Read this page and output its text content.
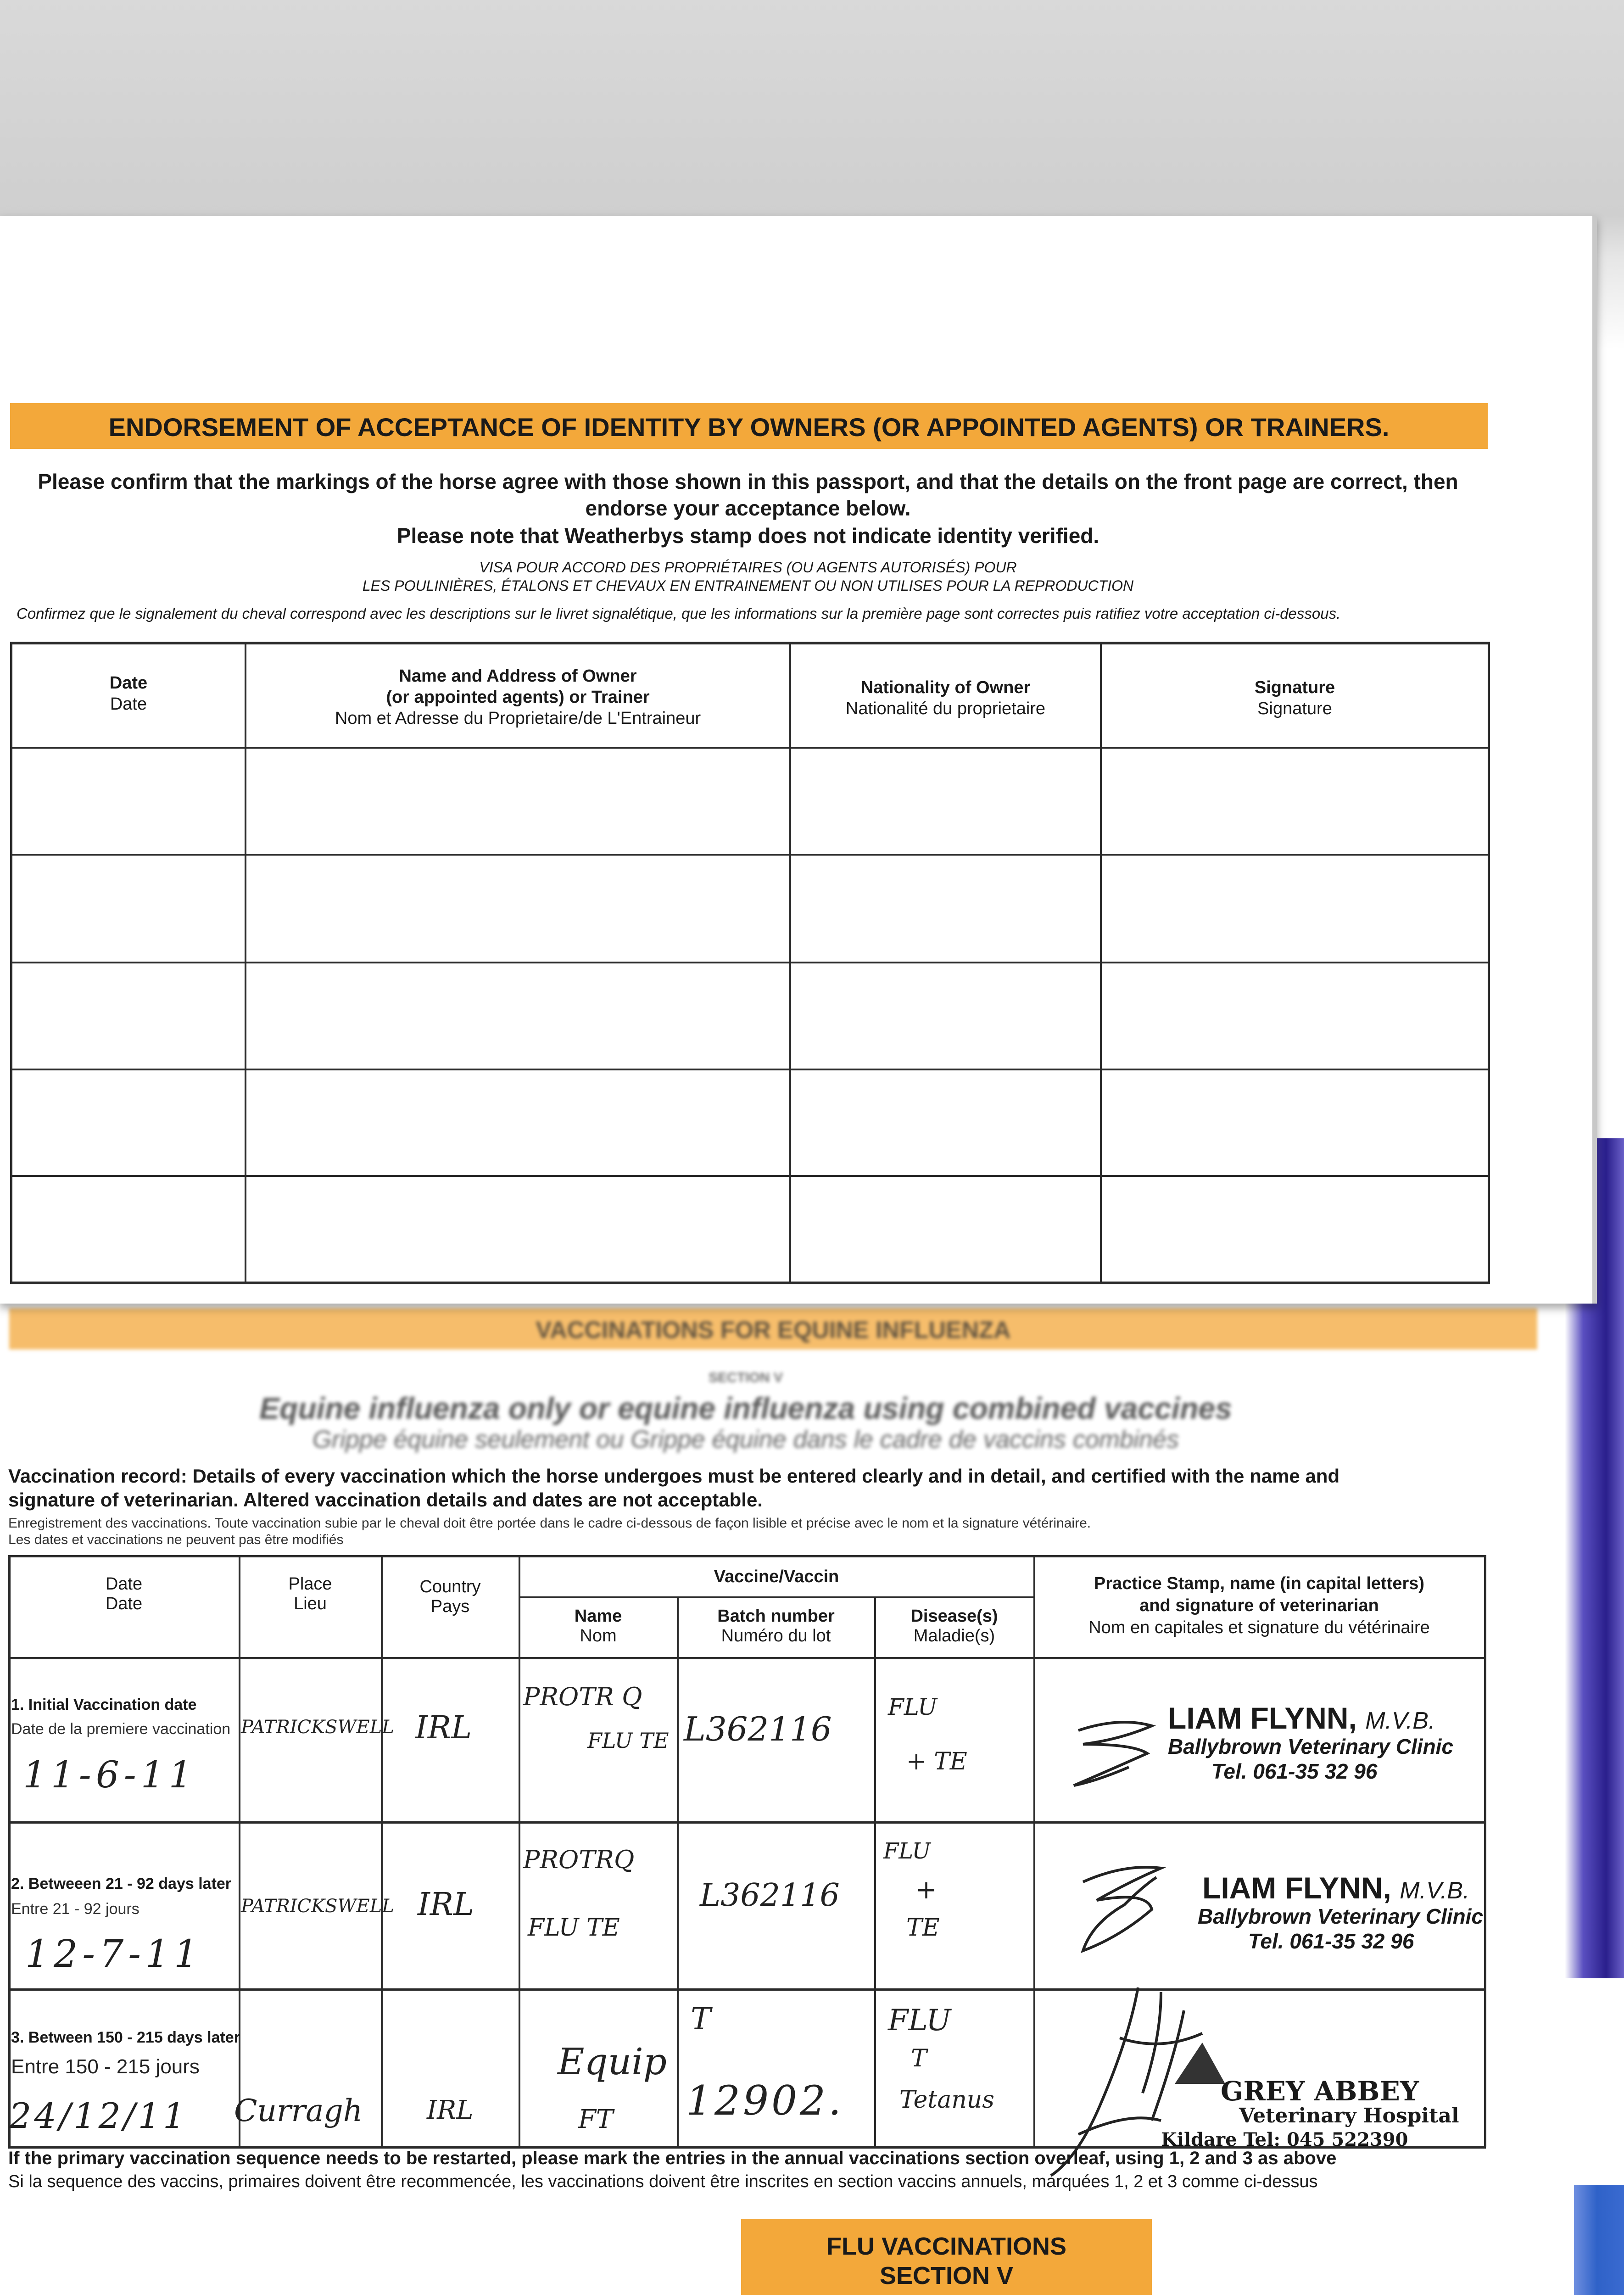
VACCINATIONS FOR EQUINE INFLUENZA
SECTION V
Equine influenza only or equine influenza using combined vaccines
Grippe équine seulement ou Grippe équine dans le cadre de vaccins combinés
Vaccination record: Details of every vaccination which the horse undergoes must be entered clearly and in detail, and certified with the name and
signature of veterinarian. Altered vaccination details and dates are not acceptable.
Enregistrement des vaccinations. Toute vaccination subie par le cheval doit être portée dans le cadre ci-dessous de façon lisible et précise avec le nom et la signature vétérinaire.
Les dates et vaccinations ne peuvent pas être modifiés
Date
Date
Place
Lieu
Country
Pays
Vaccine/Vaccin
Name
Nom
Batch number
Numéro du lot
Disease(s)
Maladie(s)
Practice Stamp, name (in capital letters)
and signature of veterinarian
Nom en capitales et signature du vétérinaire
1. Initial Vaccination date
Date de la premiere vaccination
11-6-11
PATRICKSWELL IRL
PROTR Q
FLU TE L362116
FLU
+ TE
LIAM FLYNN, M.V.B.
Ballybrown Veterinary Clinic
Tel. 061-35 32 96
2. Betweeen 21 - 92 days later
Entre 21 - 92 jours
12-7-11
PATRICKSWELL IRL
PROTRQ
FLU TE
L362116
FLU
+
TE
LIAM FLYNN, M.V.B.
Ballybrown Veterinary Clinic
Tel. 061-35 32 96
3. Between 150 - 215 days later
Entre 150 - 215 jours
24/12/11 Curragh IRL
Equip
FT
T
12902.
FLU
T
Tetanus	GREY ABBEY
Veterinary Hospital
Kildare Tel: 045 522390
If the primary vaccination sequence needs to be restarted, please mark the entries in the annual vaccinations section overleaf, using 1, 2 and 3 as above
Si la sequence des vaccins, primaires doivent être recommencée, les vaccinations doivent être inscrites en section vaccins annuels, marquées 1, 2 et 3 comme ci-dessus
FLU VACCINATIONS
SECTION V
ENDORSEMENT OF ACCEPTANCE OF IDENTITY BY OWNERS (OR APPOINTED AGENTS) OR TRAINERS.
Please confirm that the markings of the horse agree with those shown in this passport, and that the details on the front page are correct, then
endorse your acceptance below.
Please note that Weatherbys stamp does not indicate identity verified.
VISA POUR ACCORD DES PROPRIÉTAIRES (OU AGENTS AUTORISÉS) POUR
LES POULINIÈRES, ÉTALONS ET CHEVAUX EN ENTRAINEMENT OU NON UTILISES POUR LA REPRODUCTION
Confirmez que le signalement du cheval correspond avec les descriptions sur le livret signalétique, que les informations sur la première page sont correctes puis ratifiez votre acceptation ci-dessous.
Date
Date
Name and Address of Owner
(or appointed agents) or Trainer
Nom et Adresse du Proprietaire/de L'Entraineur
Nationality of Owner
Nationalité du proprietaire
Signature
Signature
